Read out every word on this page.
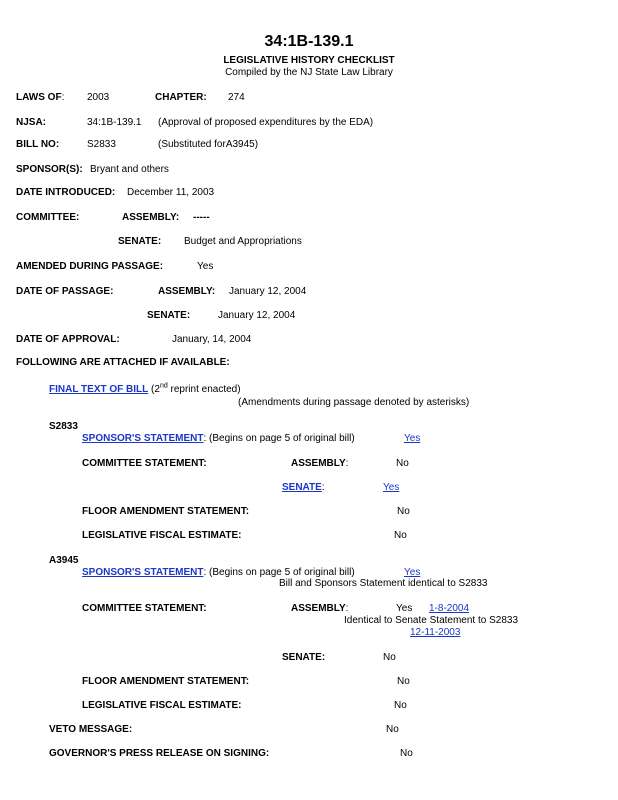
34:1B-139.1
LEGISLATIVE HISTORY CHECKLIST
Compiled by the NJ State Law Library
LAWS OF: 2003	CHAPTER: 274
NJSA:	34:1B-139.1 (Approval of proposed expenditures by the EDA)
BILL NO:	S2833	(Substituted forA3945)
SPONSOR(S): Bryant and others
DATE INTRODUCED: December 11, 2003
COMMITTEE:	ASSEMBLY: -----
SENATE: Budget and Appropriations
AMENDED DURING PASSAGE:	Yes
DATE OF PASSAGE:	ASSEMBLY: January 12, 2004
SENATE:	January 12, 2004
DATE OF APPROVAL:	January, 14, 2004
FOLLOWING ARE ATTACHED IF AVAILABLE:
FINAL TEXT OF BILL (2nd reprint enacted)
(Amendments during passage denoted by asterisks)
S2833
SPONSOR'S STATEMENT: (Begins on page 5 of original bill)	Yes
COMMITTEE STATEMENT:	ASSEMBLY:	No
SENATE:	Yes
FLOOR AMENDMENT STATEMENT:	No
LEGISLATIVE FISCAL ESTIMATE:	No
A3945
SPONSOR'S STATEMENT: (Begins on page 5 of original bill)	Yes
Bill and Sponsors Statement identical to S2833
COMMITTEE STATEMENT:	ASSEMBLY:	Yes 1-8-2004
Identical to Senate Statement to S2833
12-11-2003
SENATE:	No
FLOOR AMENDMENT STATEMENT:	No
LEGISLATIVE FISCAL ESTIMATE:	No
VETO MESSAGE:	No
GOVERNOR'S PRESS RELEASE ON SIGNING:	No
